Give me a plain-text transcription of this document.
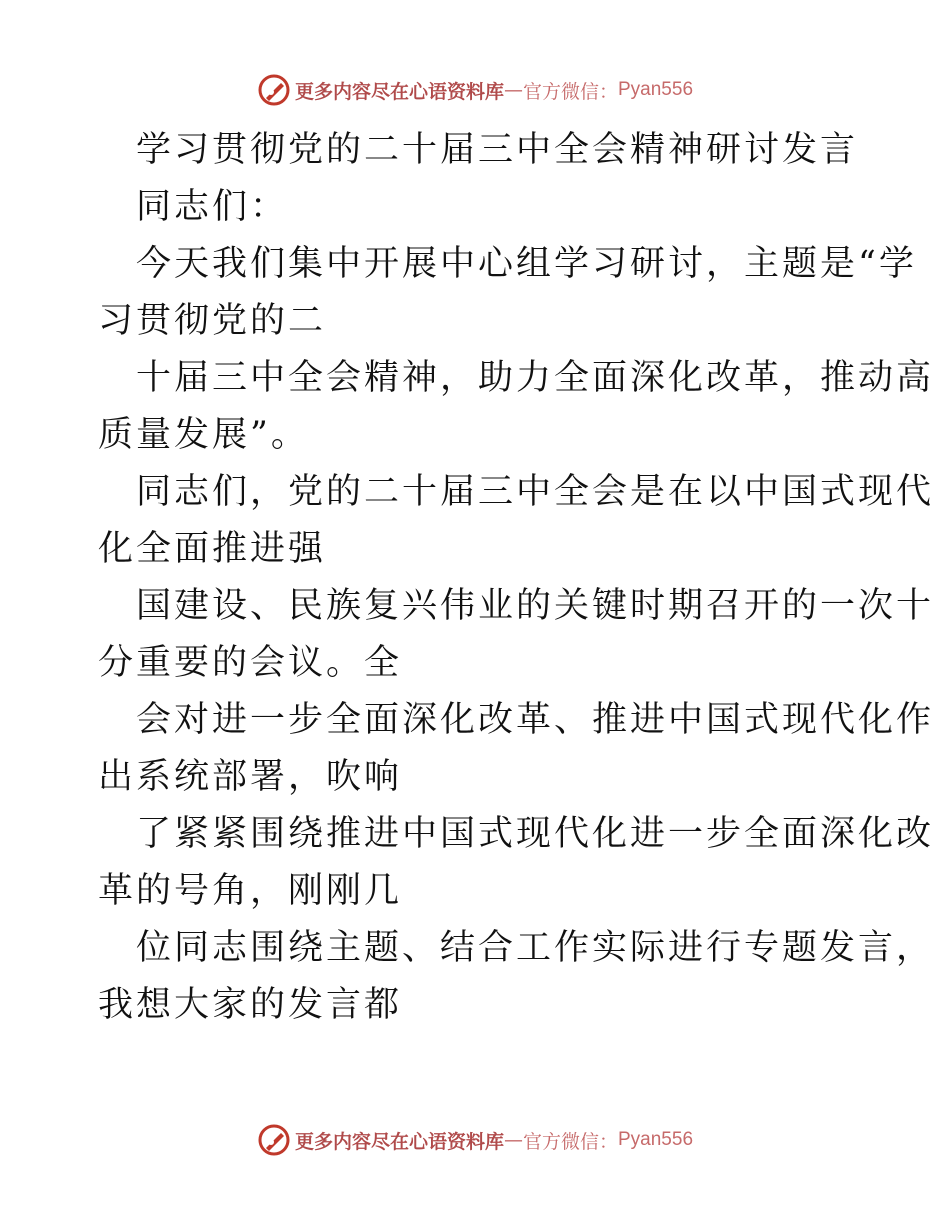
更多内容尽在心语资料库 — 官方微信： Pyan556
学习贯彻党的二十届三中全会精神研讨发言
同志们：
今天我们集中开展中心组学习研讨，主题是“学
习贯彻党的二
十届三中全会精神，助力全面深化改革，推动高
质量发展”。
同志们，党的二十届三中全会是在以中国式现代
化全面推进强
国建设、民族复兴伟业的关键时期召开的一次十
分重要的会议。全
会对进一步全面深化改革、推进中国式现代化作
出系统部署，吹响
了紧紧围绕推进中国式现代化进一步全面深化改
革的号角，刚刚几
位同志围绕主题、结合工作实际进行专题发言，
我想大家的发言都
更多内容尽在心语资料库 — 官方微信： Pyan556
